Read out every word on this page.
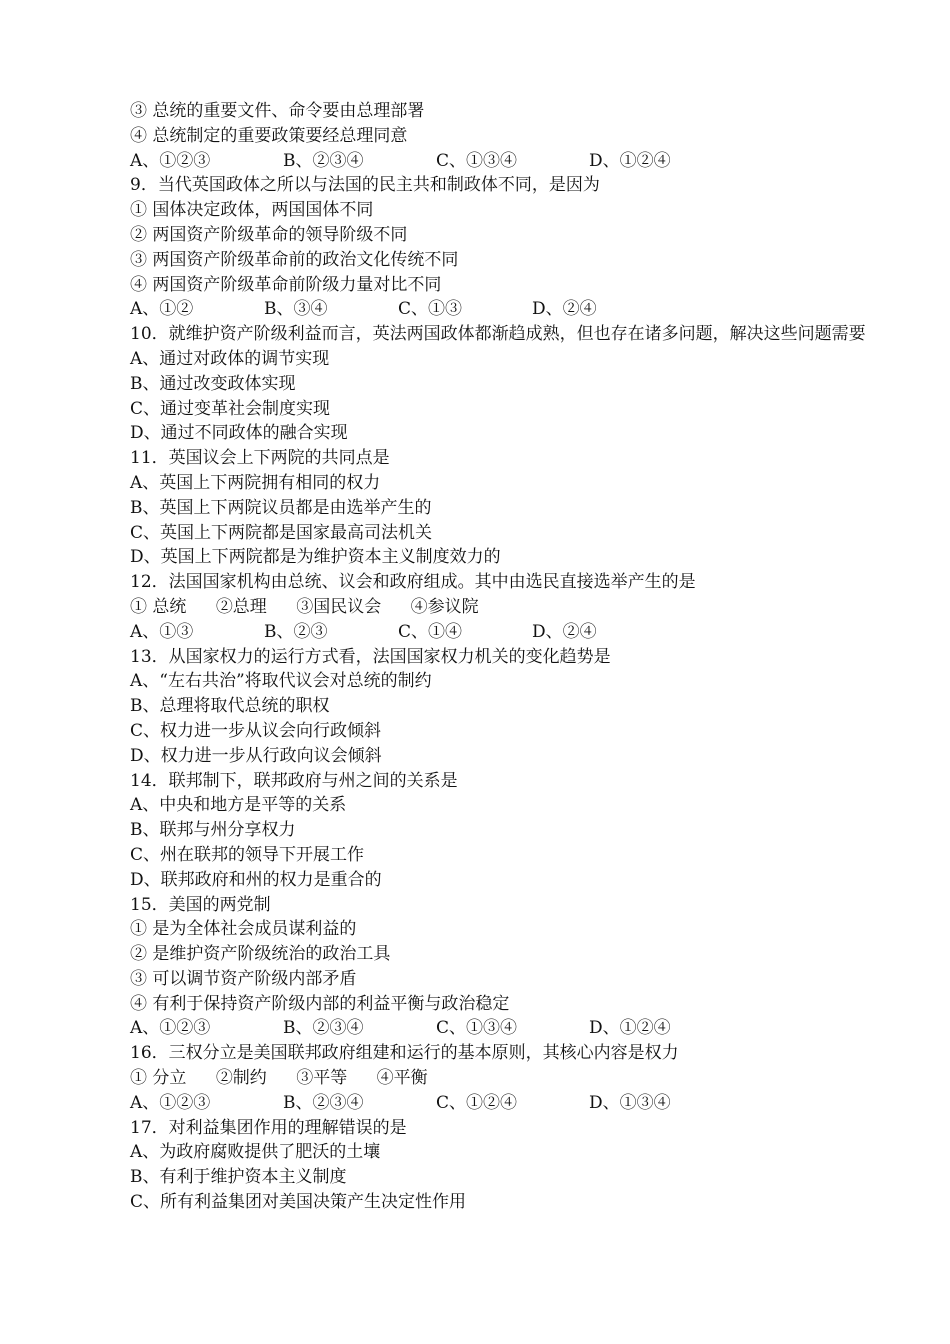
③ 总统的重要文件、命令要由总理部署
④ 总统制定的重要政策要经总理同意
A、①②③	B、②③④	C、①③④	D、①②④
9．当代英国政体之所以与法国的民主共和制政体不同，是因为
① 国体决定政体，两国国体不同
② 两国资产阶级革命的领导阶级不同
③ 两国资产阶级革命前的政治文化传统不同
④ 两国资产阶级革命前阶级力量对比不同
A、①②	B、③④	C、①③	D、②④
10．就维护资产阶级利益而言，英法两国政体都渐趋成熟，但也存在诸多问题，解决这些问题需要
A、通过对政体的调节实现
B、通过改变政体实现
C、通过变革社会制度实现
D、通过不同政体的融合实现
11．英国议会上下两院的共同点是
A、英国上下两院拥有相同的权力
B、英国上下两院议员都是由选举产生的
C、英国上下两院都是国家最高司法机关
D、英国上下两院都是为维护资本主义制度效力的
12．法国国家机构由总统、议会和政府组成。其中由选民直接选举产生的是
① 总统 ②总理 ③国民议会 ④参议院
A、①③	B、②③	C、①④	D、②④
13．从国家权力的运行方式看，法国国家权力机关的变化趋势是
A、“左右共治”将取代议会对总统的制约
B、总理将取代总统的职权
C、权力进一步从议会向行政倾斜
D、权力进一步从行政向议会倾斜
14．联邦制下，联邦政府与州之间的关系是
A、中央和地方是平等的关系
B、联邦与州分享权力
C、州在联邦的领导下开展工作
D、联邦政府和州的权力是重合的
15．美国的两党制
① 是为全体社会成员谋利益的
② 是维护资产阶级统治的政治工具
③ 可以调节资产阶级内部矛盾
④ 有利于保持资产阶级内部的利益平衡与政治稳定
A、①②③	B、②③④	C、①③④	D、①②④
16．三权分立是美国联邦政府组建和运行的基本原则，其核心内容是权力
① 分立 ②制约 ③平等 ④平衡
A、①②③	B、②③④	C、①②④	D、①③④
17．对利益集团作用的理解错误的是
A、为政府腐败提供了肥沃的土壤
B、有利于维护资本主义制度
C、所有利益集团对美国决策产生决定性作用
